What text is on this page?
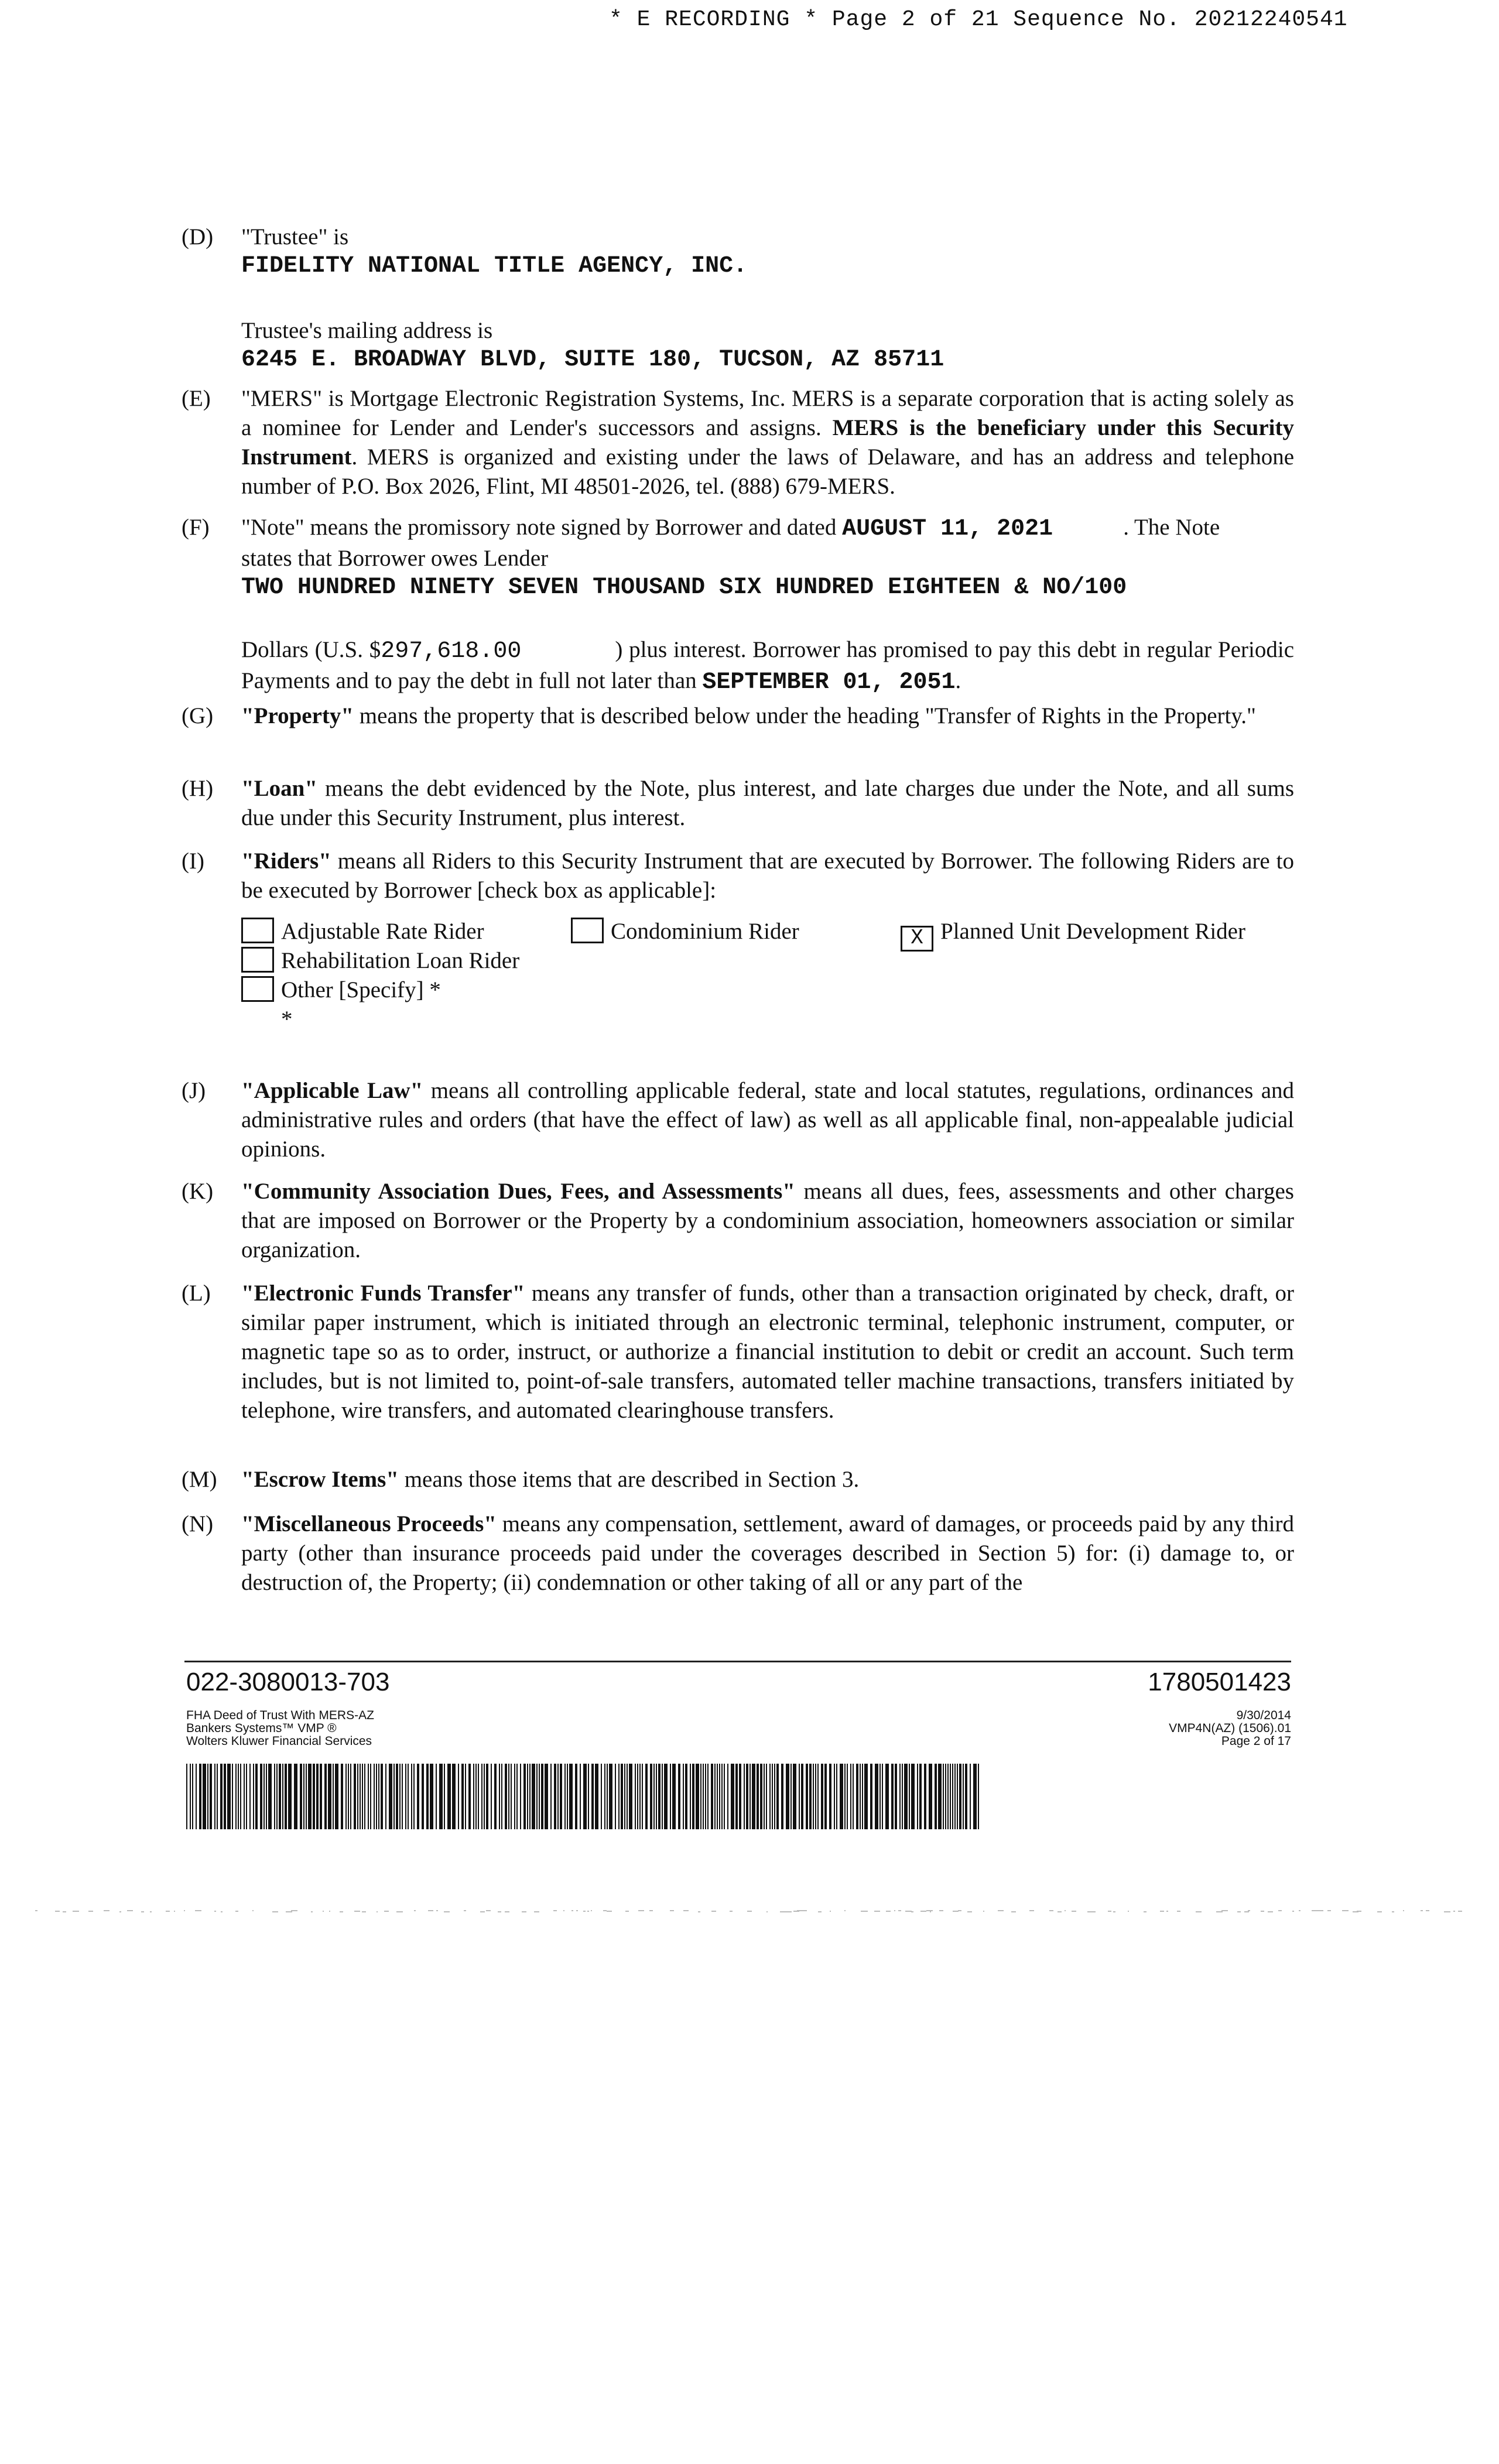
* E RECORDING * Page 2 of 21 Sequence No. 20212240541
(D)	"Trustee" is

FIDELITY NATIONAL TITLE AGENCY, INC.

Trustee's mailing address is

6245 E. BROADWAY BLVD, SUITE 180, TUCSON, AZ 85711

(E)	"MERS" is Mortgage Electronic Registration Systems, Inc. MERS is a separate corporation that is acting solely as a nominee for Lender and Lender's successors and assigns. MERS is the beneficiary under this Security Instrument. MERS is organized and existing under the laws of Delaware, and has an address and telephone number of P.O. Box 2026, Flint, MI 48501-2026, tel. (888) 679-MERS.

(F)	"Note" means the promissory note signed by Borrower and dated AUGUST 11, 2021	. The Note

states that Borrower owes Lender

TWO HUNDRED NINETY SEVEN THOUSAND SIX HUNDRED EIGHTEEN & NO/100

Dollars (U.S. $297,618.00	) plus interest. Borrower has promised to pay this debt in regular Periodic Payments and to pay the debt in full not later than SEPTEMBER 01, 2051.

(G)	"Property" means the property that is described below under the heading "Transfer of Rights in the Property."

(H)	"Loan" means the debt evidenced by the Note, plus interest, and late charges due under the Note, and all sums due under this Security Instrument, plus interest.

(I)	"Riders" means all Riders to this Security Instrument that are executed by Borrower. The following Riders are to be executed by Borrower [check box as applicable]:

Adjustable Rate Rider	Condominium Rider	X Planned Unit Development Rider
Rehabilitation Loan Rider
Other [Specify] *
*
(J)	"Applicable Law" means all controlling applicable federal, state and local statutes, regulations, ordinances and administrative rules and orders (that have the effect of law) as well as all applicable final, non-appealable judicial opinions.

(K)	"Community Association Dues, Fees, and Assessments" means all dues, fees, assessments and other charges that are imposed on Borrower or the Property by a condominium association, homeowners association or similar organization.

(L)	"Electronic Funds Transfer" means any transfer of funds, other than a transaction originated by check, draft, or similar paper instrument, which is initiated through an electronic terminal, telephonic instrument, computer, or magnetic tape so as to order, instruct, or authorize a financial institution to debit or credit an account. Such term includes, but is not limited to, point-of-sale transfers, automated teller machine transactions, transfers initiated by telephone, wire transfers, and automated clearinghouse transfers.

(M)	"Escrow Items" means those items that are described in Section 3.

(N)	"Miscellaneous Proceeds" means any compensation, settlement, award of damages, or proceeds paid by any third party (other than insurance proceeds paid under the coverages described in Section 5) for: (i) damage to, or destruction of, the Property; (ii) condemnation or other taking of all or any part of the

022-3080013-703	1780501423
FHA Deed of Trust With MERS-AZ
Bankers Systems™ VMP ®
Wolters Kluwer Financial Services
9/30/2014
VMP4N(AZ) (1506).01
Page 2 of 17
